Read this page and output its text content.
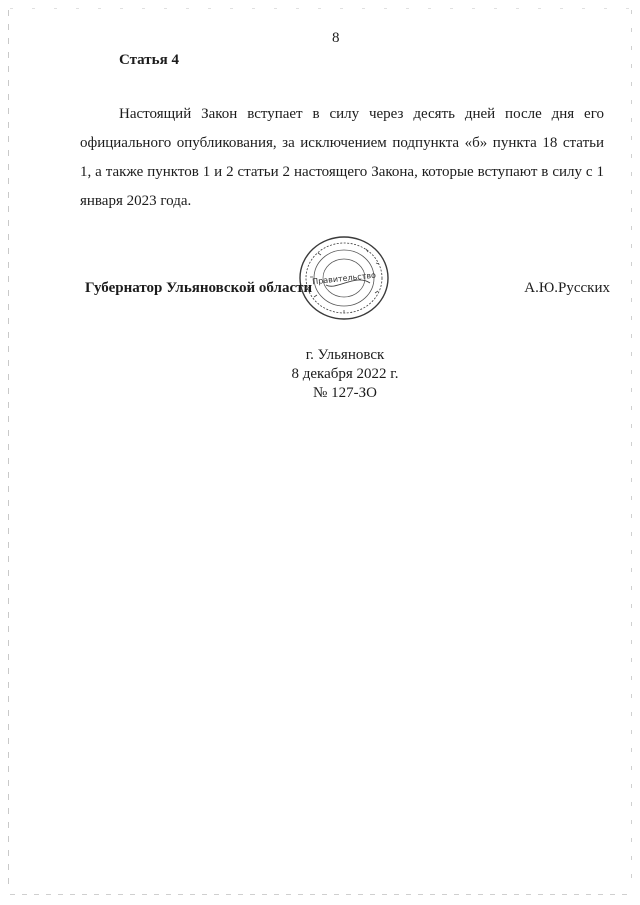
8
Статья 4
Настоящий Закон вступает в силу через десять дней после дня его официального опубликования, за исключением подпункта «б» пункта 18 статьи 1, а также пунктов 1 и 2 статьи 2 настоящего Закона, которые вступают в силу с 1 января 2023 года.
Правительство
Губернатор Ульяновской области	А.Ю.Русских
г. Ульяновск
8 декабря 2022 г.
№ 127-ЗО
